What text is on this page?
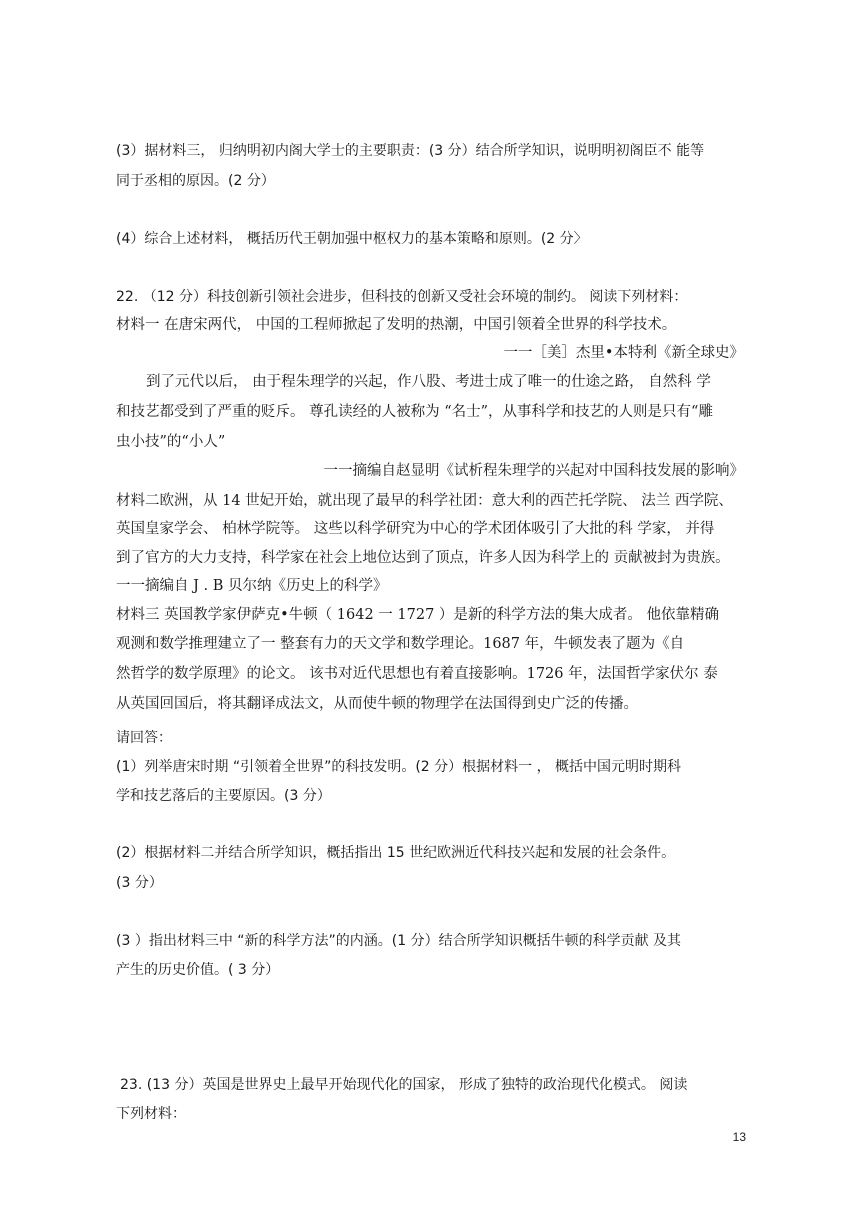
(3）据材料三， 归纳明初内阁大学士的主要职责：(3 分）结合所学知识，说明明初阁臣不 能等
同于丞相的原因。(2 分）
(4）综合上述材料， 概括历代王朝加强中枢权力的基本策略和原则。(2 分〉
22. （12 分）科技创新引领社会进步，但科技的创新又受社会环境的制约。 阅读下列材料：
材料一 在唐宋两代， 中国的工程师掀起了发明的热潮，中国引领着全世界的科学技术。
一一［美］杰里•本特利《新全球史》
到了元代以后， 由于程朱理学的兴起，作八股、考进士成了唯一的仕途之路， 自然科 学
和技艺都受到了严重的贬斥。 尊孔读经的人被称为 “名士”，从事科学和技艺的人则是只有“雕
虫小技”的“小人”
一一摘编自赵显明《试析程朱理学的兴起对中国科技发展的影响》
材料二欧洲，从 14 世妃开始，就出现了最早的科学社团：意大利的西芒托学院、 法兰 西学院、
英国皇家学会、 柏林学院等。 这些以科学研究为中心的学术团体吸引了大批的科 学家， 并得
到了官方的大力支持，科学家在社会上地位达到了顶点，许多人因为科学上的 贡献被封为贵族。
一一摘编自 J . B 贝尔纳《历史上的科学》
材料三 英国教学家伊萨克•牛顿（ 1642 一 1727 ）是新的科学方法的集大成者。 他依靠精确
观测和数学推理建立了一 整套有力的天文学和数学理论。1687 年，牛顿发表了题为《自
然哲学的数学原理》的论文。 该书对近代思想也有着直接影响。1726 年，法国哲学家伏尔 泰
从英国回国后，将其翻译成法文，从而使牛顿的物理学在法国得到史广泛的传播。
请回答：
(1）列举唐宋时期 “引领着全世界”的科技发明。(2 分）根据材料一 ， 概括中国元明时期科
学和技艺落后的主要原因。(3 分）
(2）根据材料二并结合所学知识，概括指出 15 世纪欧洲近代科技兴起和发展的社会条件。
(3 分）
(3 ）指出材料三中 “新的科学方法”的内涵。(1 分）结合所学知识概括牛顿的科学贡献 及其
产生的历史价值。( 3 分）
23. (13 分）英国是世界史上最早开始现代化的国家， 形成了独特的政治现代化模式。 阅读
下列材料：
13
